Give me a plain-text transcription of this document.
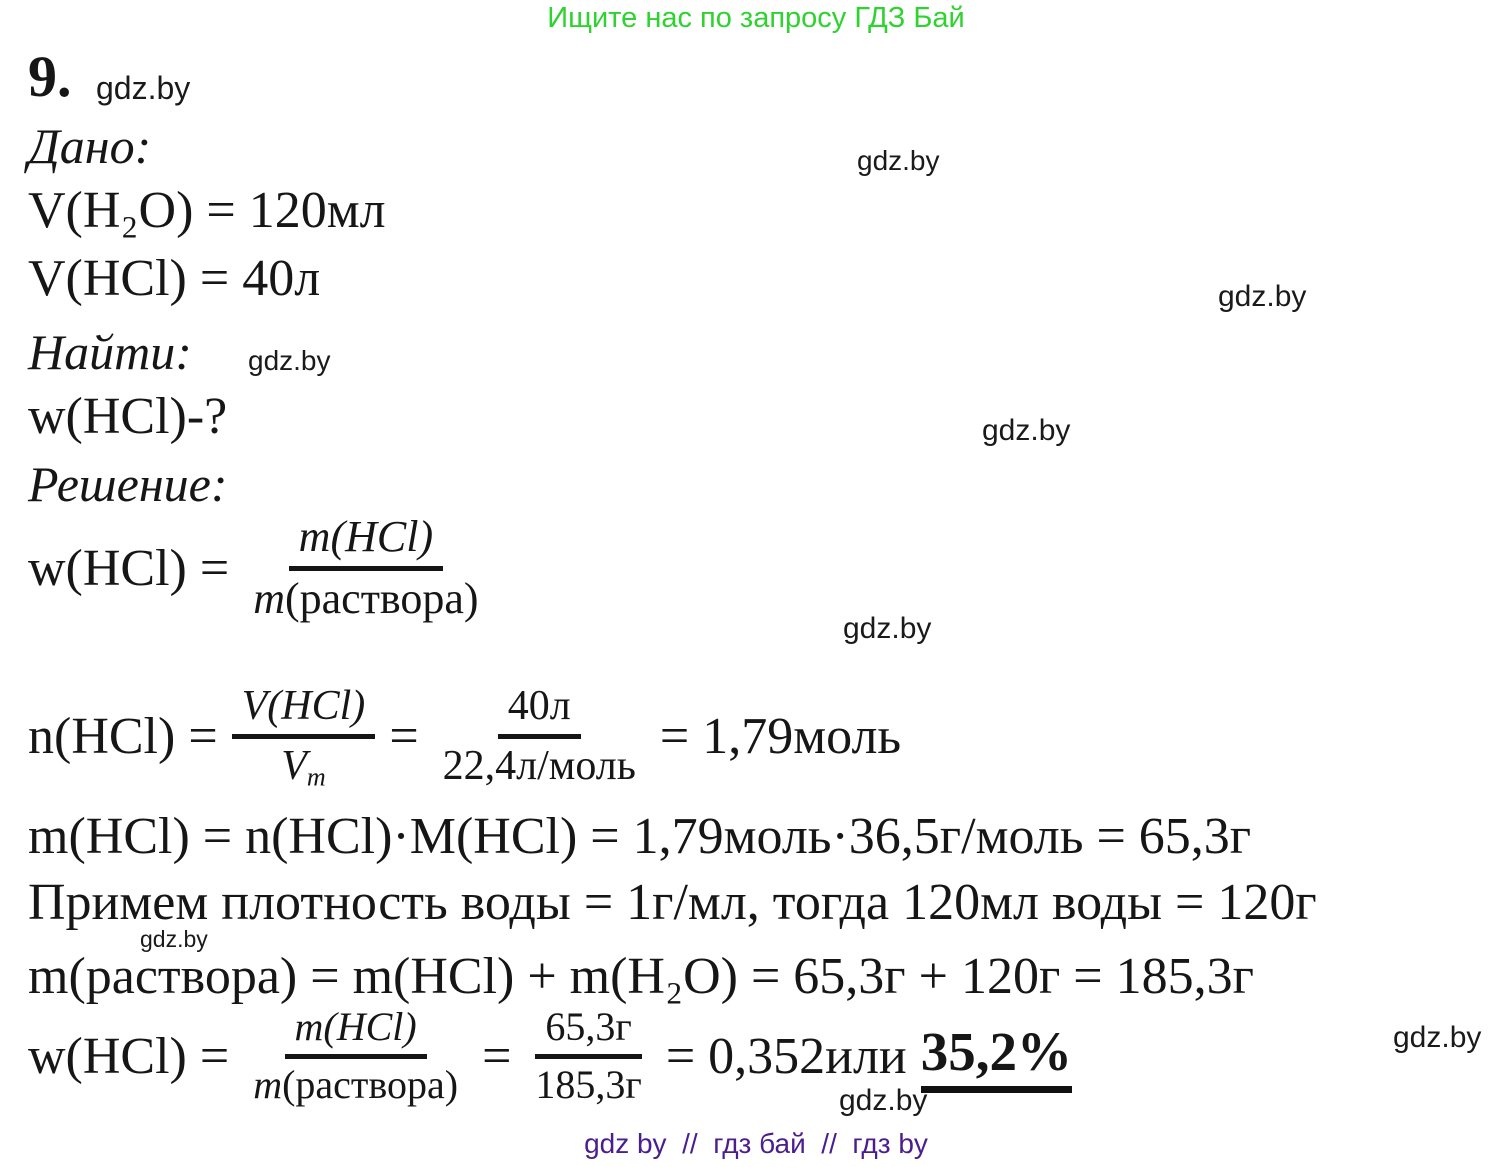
Ищите нас по запросу ГДЗ Бай
9. gdz.by
gdz.by
gdz.by
gdz.by
gdz.by
gdz.by
gdz.by
gdz.by
gdz.by
Дано:
V(H₂O) = 120мл
V(HCl) = 40л
Найти:
w(HCl)-?
Решение:
$w(HCl) = \frac{\text{m(HCl)}}{\text{m(раствора)}}$
$n(HCl) = \frac{\text{V(HCl)}}{V_m} = \frac{40л}{\text{22,4л/моль}}$ = 1,79моль
m(HCl) = n(HCl)·M(HCl) = 1,79моль·36,5г/моль = 65,3г
Примем плотность воды = 1г/мл, тогда 120мл воды = 120г
m(раствора) = m(HCl) + m(H₂O) = 65,3г + 120г = 185,3г
$w(HCl) = \frac{\text{m(HCl)}}{\text{m(раствора)}} = \frac{65,3г}{185,3г} = 0,352или$ 35,2%
gdz by  //  гдз бай  //  гдз by
